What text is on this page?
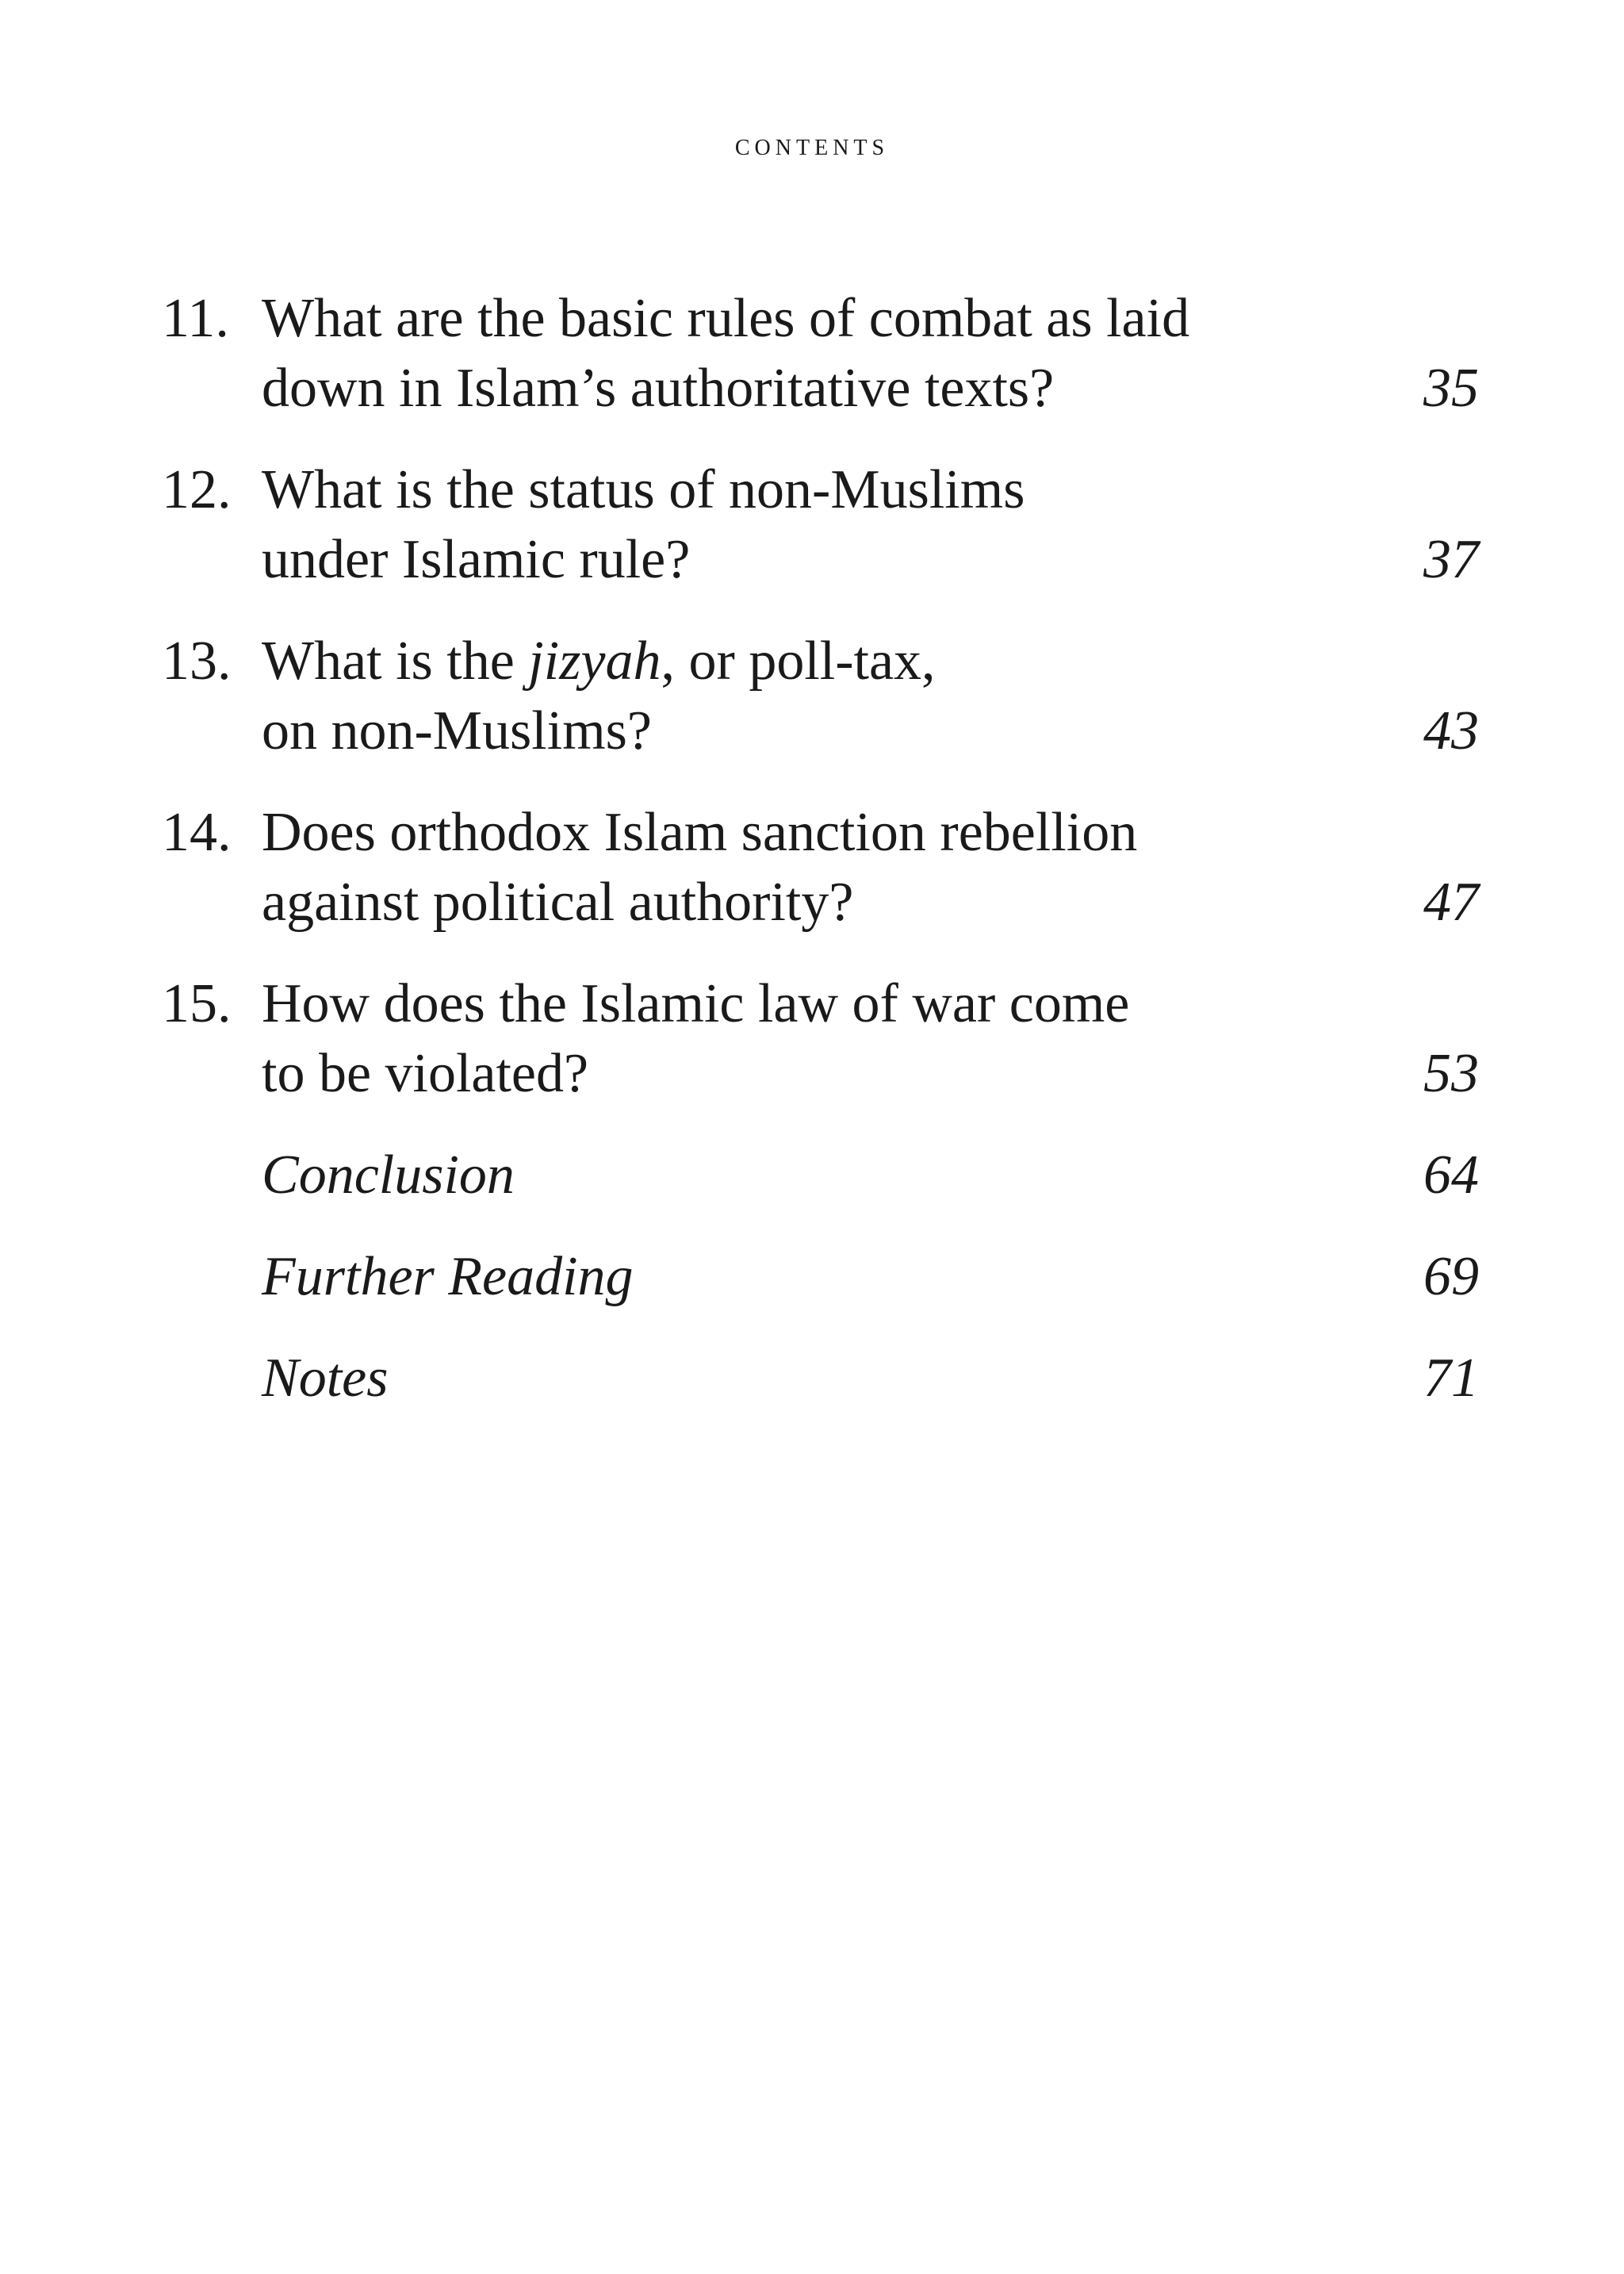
contents
11. What are the basic rules of combat as laid
down in Islam’s authoritative texts?	35
12. What is the status of non-Muslims
under Islamic rule?	37
13. What is the jizyah, or poll-tax,
on non-Muslims?	43
14. Does orthodox Islam sanction rebellion
against political authority?	47
15. How does the Islamic law of war come
to be violated?	53
Conclusion	64
Further Reading	69
Notes	71
